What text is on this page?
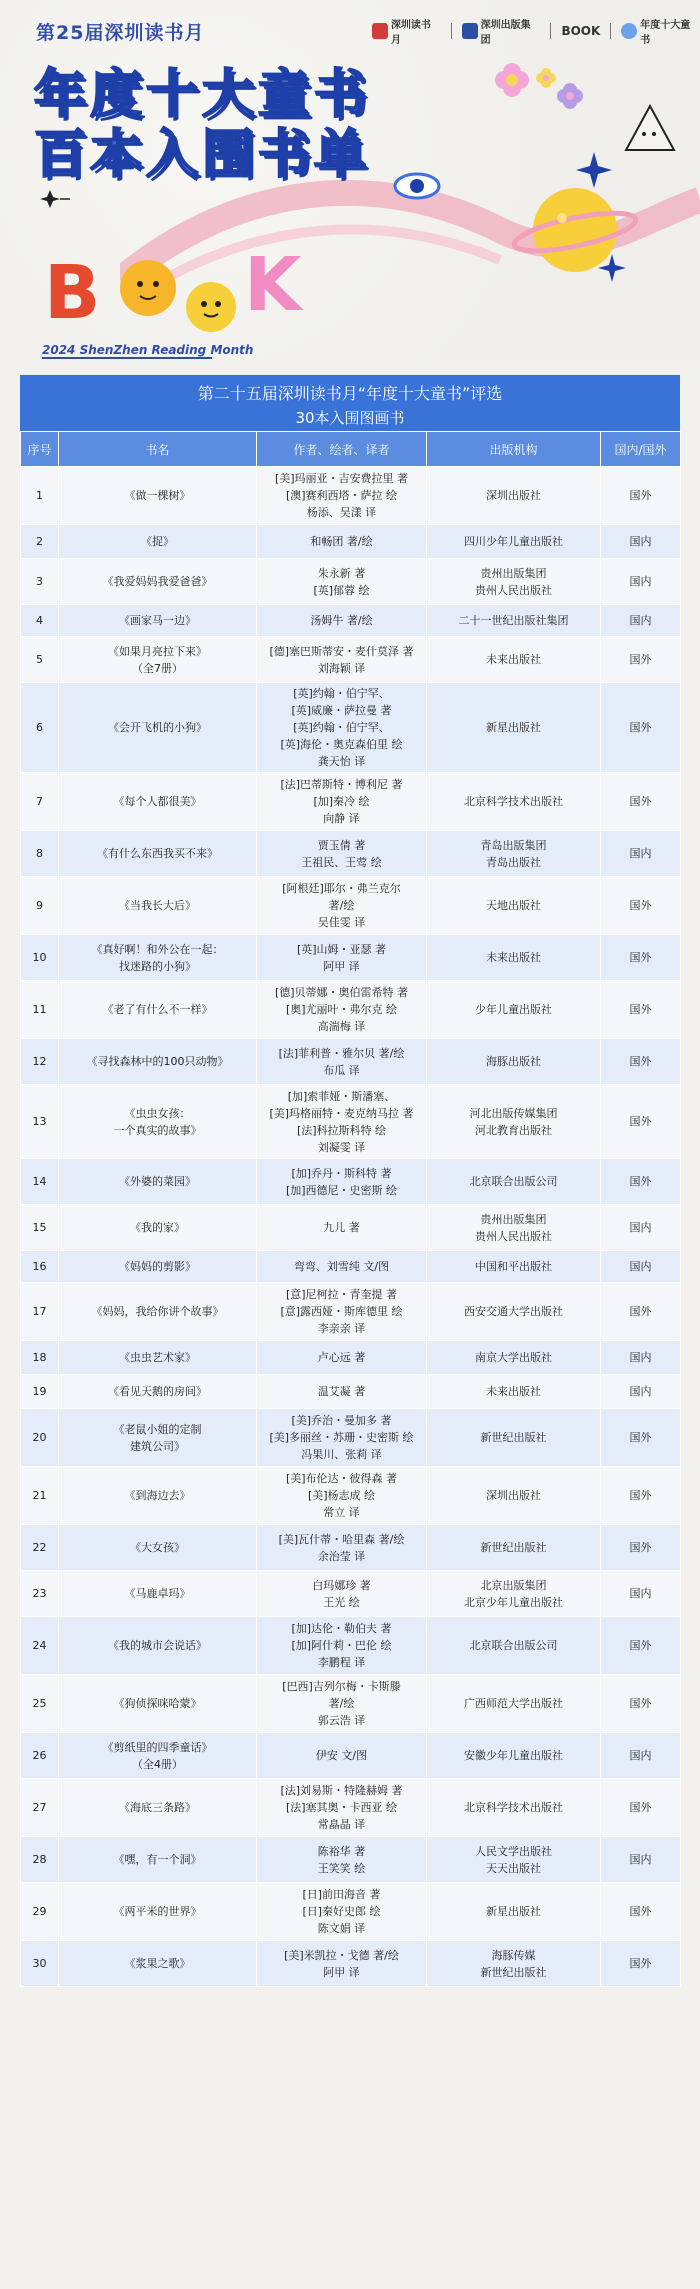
第25届深圳读书月	深圳读书月
深圳出版集团
BOOK	年度十大童书
年度十大童书
百本入围书单
B K
2024 ShenZhen Reading Month
第二十五届深圳读书月“年度十大童书”评选
30本入围图画书
序号	书名	作者、绘者、译者	出版机构	国内/国外
1	《做一棵树》	[美]玛丽亚・吉安费拉里 著
[澳]赛利西塔・萨拉 绘
杨添、吴漾 译	深圳出版社	国外
2	《捉》	和畅团 著/绘	四川少年儿童出版社	国内
3	《我爱妈妈我爱爸爸》	朱永新 著
[英]郁蓉 绘	贵州出版集团
贵州人民出版社	国内
4	《画家马一边》	汤姆牛 著/绘	二十一世纪出版社集团	国内
5	《如果月亮拉下来》
（全7册）	[德]塞巴斯蒂安・麦什莫泽 著
刘海颖 译	未来出版社	国外
6	《会开飞机的小狗》	[英]约翰・伯宁罕、
[英]威廉・萨拉曼 著
[英]约翰・伯宁罕、
[英]海伦・奥克森伯里 绘
龚天怡 译	新星出版社	国外
7	《每个人都很美》	[法]巴蒂斯特・博利尼 著
[加]秦冷 绘
向静 译	北京科学技术出版社	国外
8	《有什么东西我买不来》	贾玉倩 著
王祖民、王莺 绘	青岛出版集团
青岛出版社	国内
9	《当我长大后》	[阿根廷]耶尔・弗兰克尔
著/绘
吴佳雯 译	天地出版社	国外
10	《真好啊！和外公在一起：
找迷路的小狗》	[英]山姆・亚瑟 著
阿甲 译	未来出版社	国外
11	《老了有什么不一样》	[德]贝蒂娜・奥伯雷希特 著
[奥]尤丽叶・弗尔克 绘
高湍梅 译	少年儿童出版社	国外
12	《寻找森林中的100只动物》	[法]菲利普・雅尔贝 著/绘
布瓜 译	海豚出版社	国外
13	《虫虫女孩：
一个真实的故事》	[加]索菲娅・斯潘塞、
[美]玛格丽特・麦克纳马拉 著
[法]科拉斯科特 绘
刘凝雯 译	河北出版传媒集团
河北教育出版社	国外
14	《外婆的菜园》	[加]乔丹・斯科特 著
[加]西德尼・史密斯 绘	北京联合出版公司	国外
15	《我的家》	九儿 著	贵州出版集团
贵州人民出版社	国内
16	《妈妈的剪影》	弯弯、刘雪纯 文/图	中国和平出版社	国内
17	《妈妈，我给你讲个故事》	[意]尼柯拉・青奎提 著
[意]露西娅・斯库德里 绘
李亲亲 译	西安交通大学出版社	国外
18	《虫虫艺术家》	卢心远 著	南京大学出版社	国内
19	《看见天鹅的房间》	温艾凝 著	未来出版社	国内
20	《老鼠小姐的定制
建筑公司》	[美]乔治・曼加多 著
[美]多丽丝・苏珊・史密斯 绘
冯果川、张莉 译	新世纪出版社	国外
21	《到海边去》	[美]布伦达・彼得森 著
[美]杨志成 绘
常立 译	深圳出版社	国外
22	《大女孩》	[美]瓦什蒂・哈里森 著/绘
余治莹 译	新世纪出版社	国外
23	《马鹿卓玛》	白玛娜珍 著
王光 绘	北京出版集团
北京少年儿童出版社	国内
24	《我的城市会说话》	[加]达伦・勒伯夫 著
[加]阿什莉・巴伦 绘
李鹏程 译	北京联合出版公司	国外
25	《狗侦探咪哈蒙》	[巴西]吉列尔梅・卡斯滕
著/绘
郭云浩 译	广西师范大学出版社	国外
26	《剪纸里的四季童话》
（全4册）	伊安 文/图	安徽少年儿童出版社	国内
27	《海底三条路》	[法]刘易斯・特隆赫姆 著
[法]塞其奥・卡西亚 绘
常皛晶 译	北京科学技术出版社	国外
28	《嘿，有一个洞》	陈裕华 著
王笑笑 绘	人民文学出版社
天天出版社	国内
29	《两平米的世界》	[日]前田海音 著
[日]秦好史郎 绘
陈文娟 译	新星出版社	国外
30	《浆果之歌》	[美]米凯拉・戈德 著/绘
阿甲 译	海豚传媒
新世纪出版社	国外
